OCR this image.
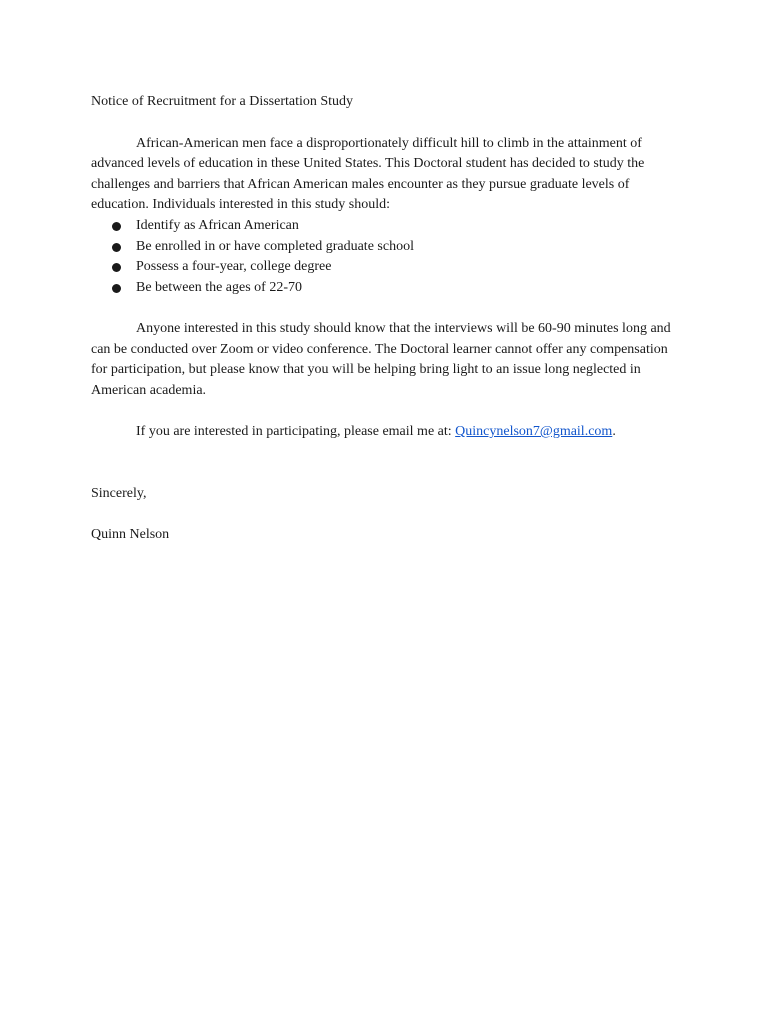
Notice of Recruitment for a Dissertation Study

African-American men face a disproportionately difficult hill to climb in the attainment of advanced levels of education in these United States. This Doctoral student has decided to study the challenges and barriers that African American males encounter as they pursue graduate levels of education. Individuals interested in this study should:

Identify as African American
Be enrolled in or have completed graduate school
Possess a four-year, college degree
Be between the ages of 22-70

Anyone interested in this study should know that the interviews will be 60-90 minutes long and can be conducted over Zoom or video conference. The Doctoral learner cannot offer any compensation for participation, but please know that you will be helping bring light to an issue long neglected in American academia.

If you are interested in participating, please email me at: Quincynelson7@gmail.com.

Sincerely,

Quinn Nelson
